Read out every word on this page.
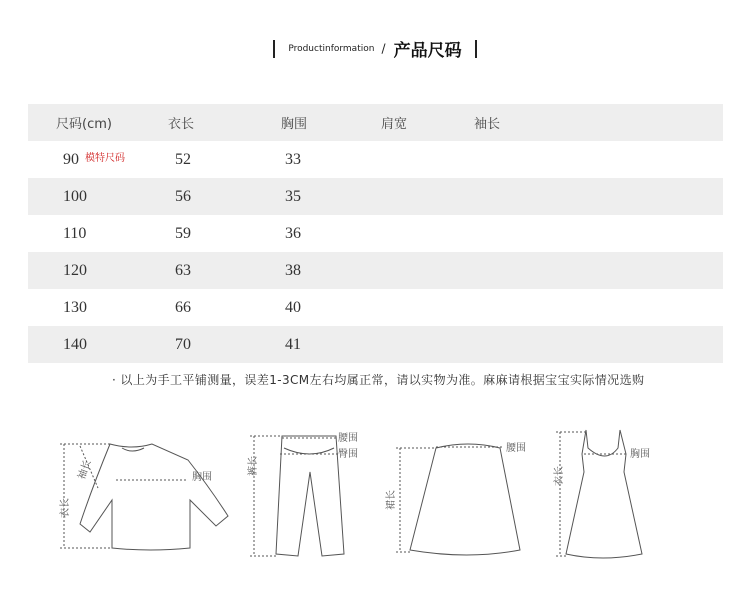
Productinformation / 产品尺码
尺码(cm)	衣长	胸围	肩宽	袖长
90 模特尺码	52	33		
100	56	35		
110	59	36		
120	63	38		
130	66	40		
140	70	41		
· 以上为手工平铺测量，误差1-3CM左右均属正常，请以实物为准。麻麻请根据宝宝实际情况选购
衣长
袖长	胸围
腰围
臀围
裤长
腰围
裙长
胸围
衣长
